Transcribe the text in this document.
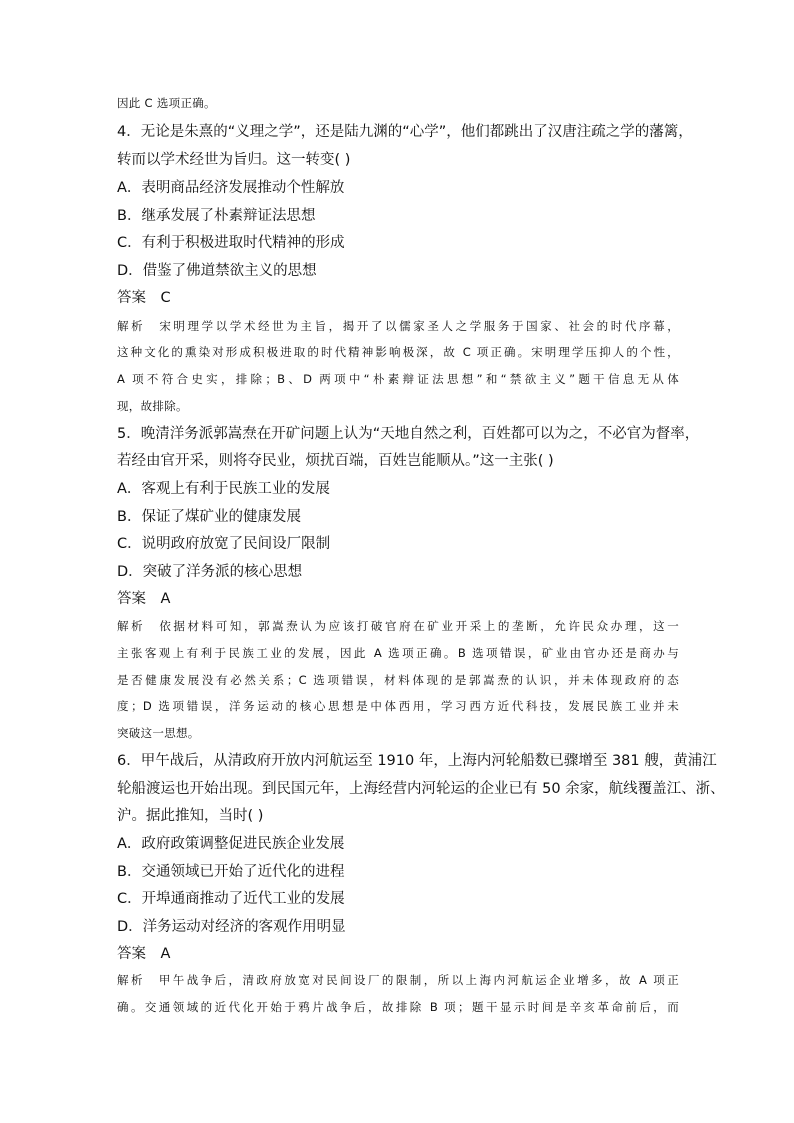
因此 C 选项正确。
4．无论是朱熹的“义理之学”，还是陆九渊的“心学”，他们都跳出了汉唐注疏之学的藩篱，
转而以学术经世为旨归。这一转变( )
A．表明商品经济发展推动个性解放
B．继承发展了朴素辩证法思想
C．有利于积极进取时代精神的形成
D．借鉴了佛道禁欲主义的思想
答案　C
解析　宋明理学以学术经世为主旨，揭开了以儒家圣人之学服务于国家、社会的时代序幕，
这种文化的熏染对形成积极进取的时代精神影响极深，故 C 项正确。宋明理学压抑人的个性，
A 项不符合史实，排除；B、D 两项中“朴素辩证法思想”和“禁欲主义”题干信息无从体
现，故排除。
5．晚清洋务派郭嵩焘在开矿问题上认为“天地自然之利，百姓都可以为之，不必官为督率，
若经由官开采，则将夺民业，烦扰百端，百姓岂能顺从。”这一主张( )
A．客观上有利于民族工业的发展
B．保证了煤矿业的健康发展
C．说明政府放宽了民间设厂限制
D．突破了洋务派的核心思想
答案　A
解析　依据材料可知，郭嵩焘认为应该打破官府在矿业开采上的垄断，允许民众办理，这一
主张客观上有利于民族工业的发展，因此 A 选项正确。B 选项错误，矿业由官办还是商办与
是否健康发展没有必然关系；C 选项错误，材料体现的是郭嵩焘的认识，并未体现政府的态
度；D 选项错误，洋务运动的核心思想是中体西用，学习西方近代科技，发展民族工业并未
突破这一思想。
6．甲午战后，从清政府开放内河航运至 1910 年，上海内河轮船数已骤增至 381 艘，黄浦江
轮船渡运也开始出现。到民国元年，上海经营内河轮运的企业已有 50 余家，航线覆盖江、浙、
沪。据此推知，当时( )
A．政府政策调整促进民族企业发展
B．交通领域已开始了近代化的进程
C．开埠通商推动了近代工业的发展
D．洋务运动对经济的客观作用明显
答案　A
解析　甲午战争后，清政府放宽对民间设厂的限制，所以上海内河航运企业增多，故 A 项正
确。交通领域的近代化开始于鸦片战争后，故排除 B 项；题干显示时间是辛亥革命前后，而
